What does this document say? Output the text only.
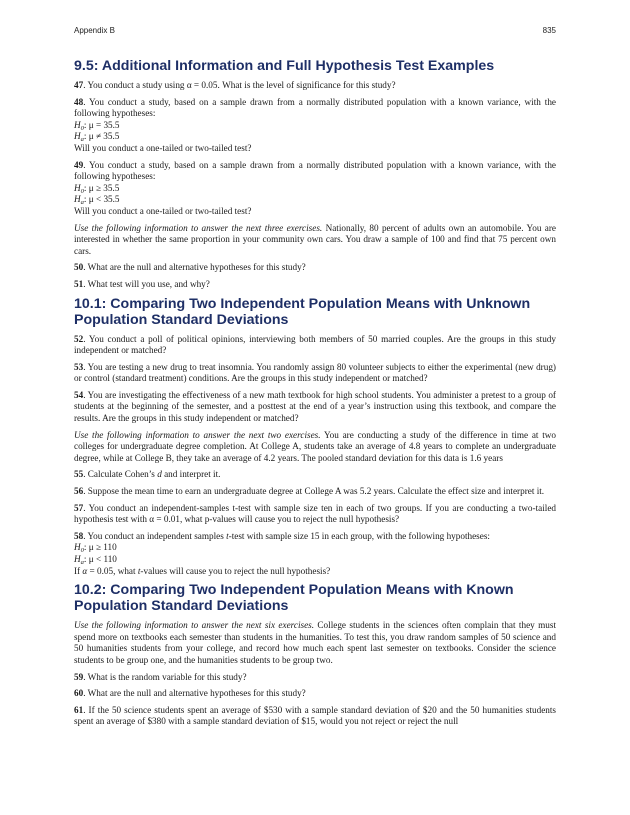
Appendix B	835
9.5: Additional Information and Full Hypothesis Test Examples

47. You conduct a study using α = 0.05. What is the level of significance for this study?

48. You conduct a study, based on a sample drawn from a normally distributed population with a known variance, with the following hypotheses:
$H_0$: μ = 35.5
$H_a$: μ ≠ 35.5
Will you conduct a one-tailed or two-tailed test?

49. You conduct a study, based on a sample drawn from a normally distributed population with a known variance, with the following hypotheses:
$H_0$: μ ≥ 35.5
$H_a$: μ < 35.5
Will you conduct a one-tailed or two-tailed test?

Use the following information to answer the next three exercises. Nationally, 80 percent of adults own an automobile. You are interested in whether the same proportion in your community own cars. You draw a sample of 100 and find that 75 percent own cars.

50. What are the null and alternative hypotheses for this study?

51. What test will you use, and why?

10.1: Comparing Two Independent Population Means with Unknown Population Standard Deviations

52. You conduct a poll of political opinions, interviewing both members of 50 married couples. Are the groups in this study independent or matched?

53. You are testing a new drug to treat insomnia. You randomly assign 80 volunteer subjects to either the experimental (new drug) or control (standard treatment) conditions. Are the groups in this study independent or matched?

54. You are investigating the effectiveness of a new math textbook for high school students. You administer a pretest to a group of students at the beginning of the semester, and a posttest at the end of a year’s instruction using this textbook, and compare the results. Are the groups in this study independent or matched?

Use the following information to answer the next two exercises. You are conducting a study of the difference in time at two colleges for undergraduate degree completion. At College A, students take an average of 4.8 years to complete an undergraduate degree, while at College B, they take an average of 4.2 years. The pooled standard deviation for this data is 1.6 years

55. Calculate Cohen’s d and interpret it.

56. Suppose the mean time to earn an undergraduate degree at College A was 5.2 years. Calculate the effect size and interpret it.

57. You conduct an independent-samples t-test with sample size ten in each of two groups. If you are conducting a two-tailed hypothesis test with α = 0.01, what p-values will cause you to reject the null hypothesis?

58. You conduct an independent samples t-test with sample size 15 in each group, with the following hypotheses:
$H_0$: μ ≥ 110
$H_a$: μ < 110
If α = 0.05, what t-values will cause you to reject the null hypothesis?

10.2: Comparing Two Independent Population Means with Known Population Standard Deviations

Use the following information to answer the next six exercises. College students in the sciences often complain that they must spend more on textbooks each semester than students in the humanities. To test this, you draw random samples of 50 science and 50 humanities students from your college, and record how much each spent last semester on textbooks. Consider the science students to be group one, and the humanities students to be group two.

59. What is the random variable for this study?

60. What are the null and alternative hypotheses for this study?

61. If the 50 science students spent an average of $530 with a sample standard deviation of $20 and the 50 humanities students spent an average of $380 with a sample standard deviation of $15, would you not reject or reject the null
